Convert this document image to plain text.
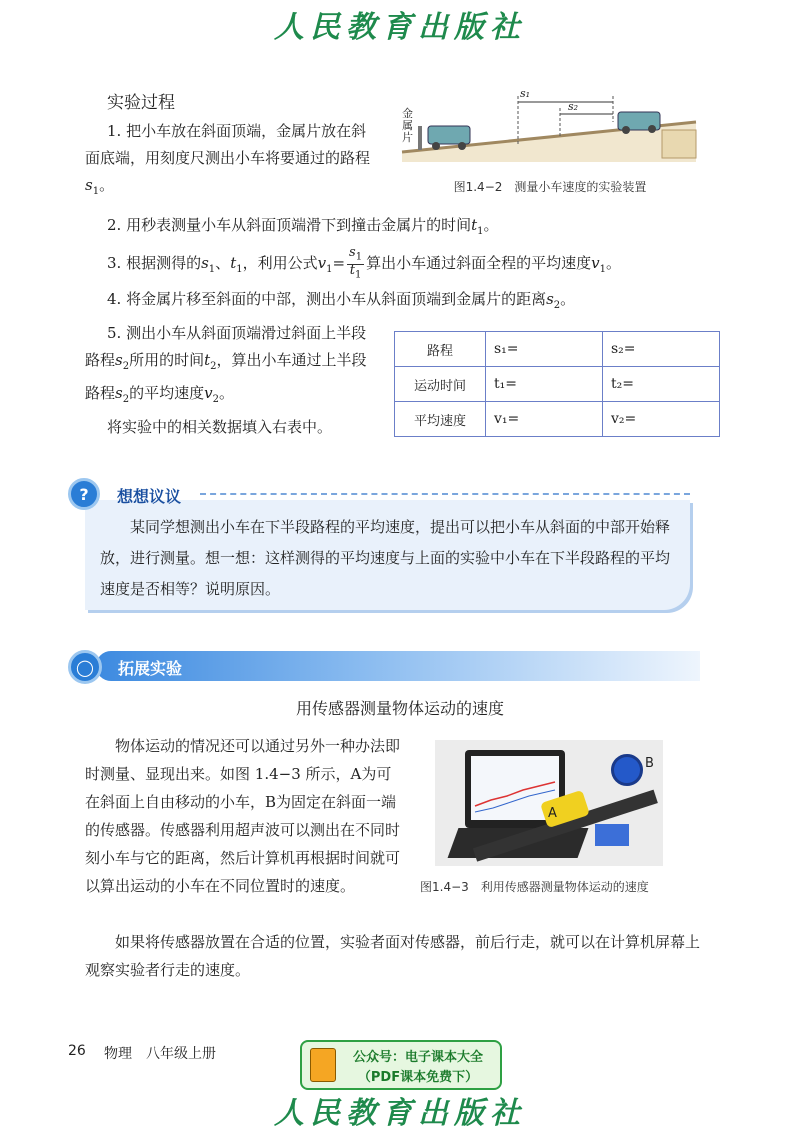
人民教育出版社
实验过程

1. 把小车放在斜面顶端，金属片放在斜面底端，用刻度尺测出小车将要通过的路程$s_1$。

金属片
s₁
s₂
图1.4−2　测量小车速度的实验装置

2. 用秒表测量小车从斜面顶端滑下到撞击金属片的时间$t_1$。

3. 根据测得的$s_1$、$t_1$，利用公式$v_1= \frac{s_1}{t_1}$ 算出小车通过斜面全程的平均速度$v_1$。

4. 将金属片移至斜面的中部，测出小车从斜面顶端到金属片的距离$s_2$。

5. 测出小车从斜面顶端滑过斜面上半段路程$s_2$所用的时间$t_2$，算出小车通过上半段路程$s_2$的平均速度$v_2$。

将实验中的相关数据填入右表中。

路程	s₁=	s₂=
运动时间	t₁=	t₂=
平均速度	v₁=	v₂=
?	想想议议

某同学想测出小车在下半段路程的平均速度，提出可以把小车从斜面的中部开始释放，进行测量。想一想：这样测得的平均速度与上面的实验中小车在下半段路程的平均速度是否相等？说明原因。

◯	拓展实验
用传感器测量物体运动的速度

物体运动的情况还可以通过另外一种办法即时测量、显现出来。如图 1.4−3 所示，A为可在斜面上自由移动的小车，B为固定在斜面一端的传感器。传感器利用超声波可以测出在不同时刻小车与它的距离，然后计算机再根据时间就可以算出运动的小车在不同位置时的速度。

A
B
图1.4−3　利用传感器测量物体运动的速度

如果将传感器放置在合适的位置，实验者面对传感器，前后行走，就可以在计算机屏幕上观察实验者行走的速度。

26 物理　八年级上册	公众号：电子课本大全
（PDF课本免费下）
人民教育出版社
